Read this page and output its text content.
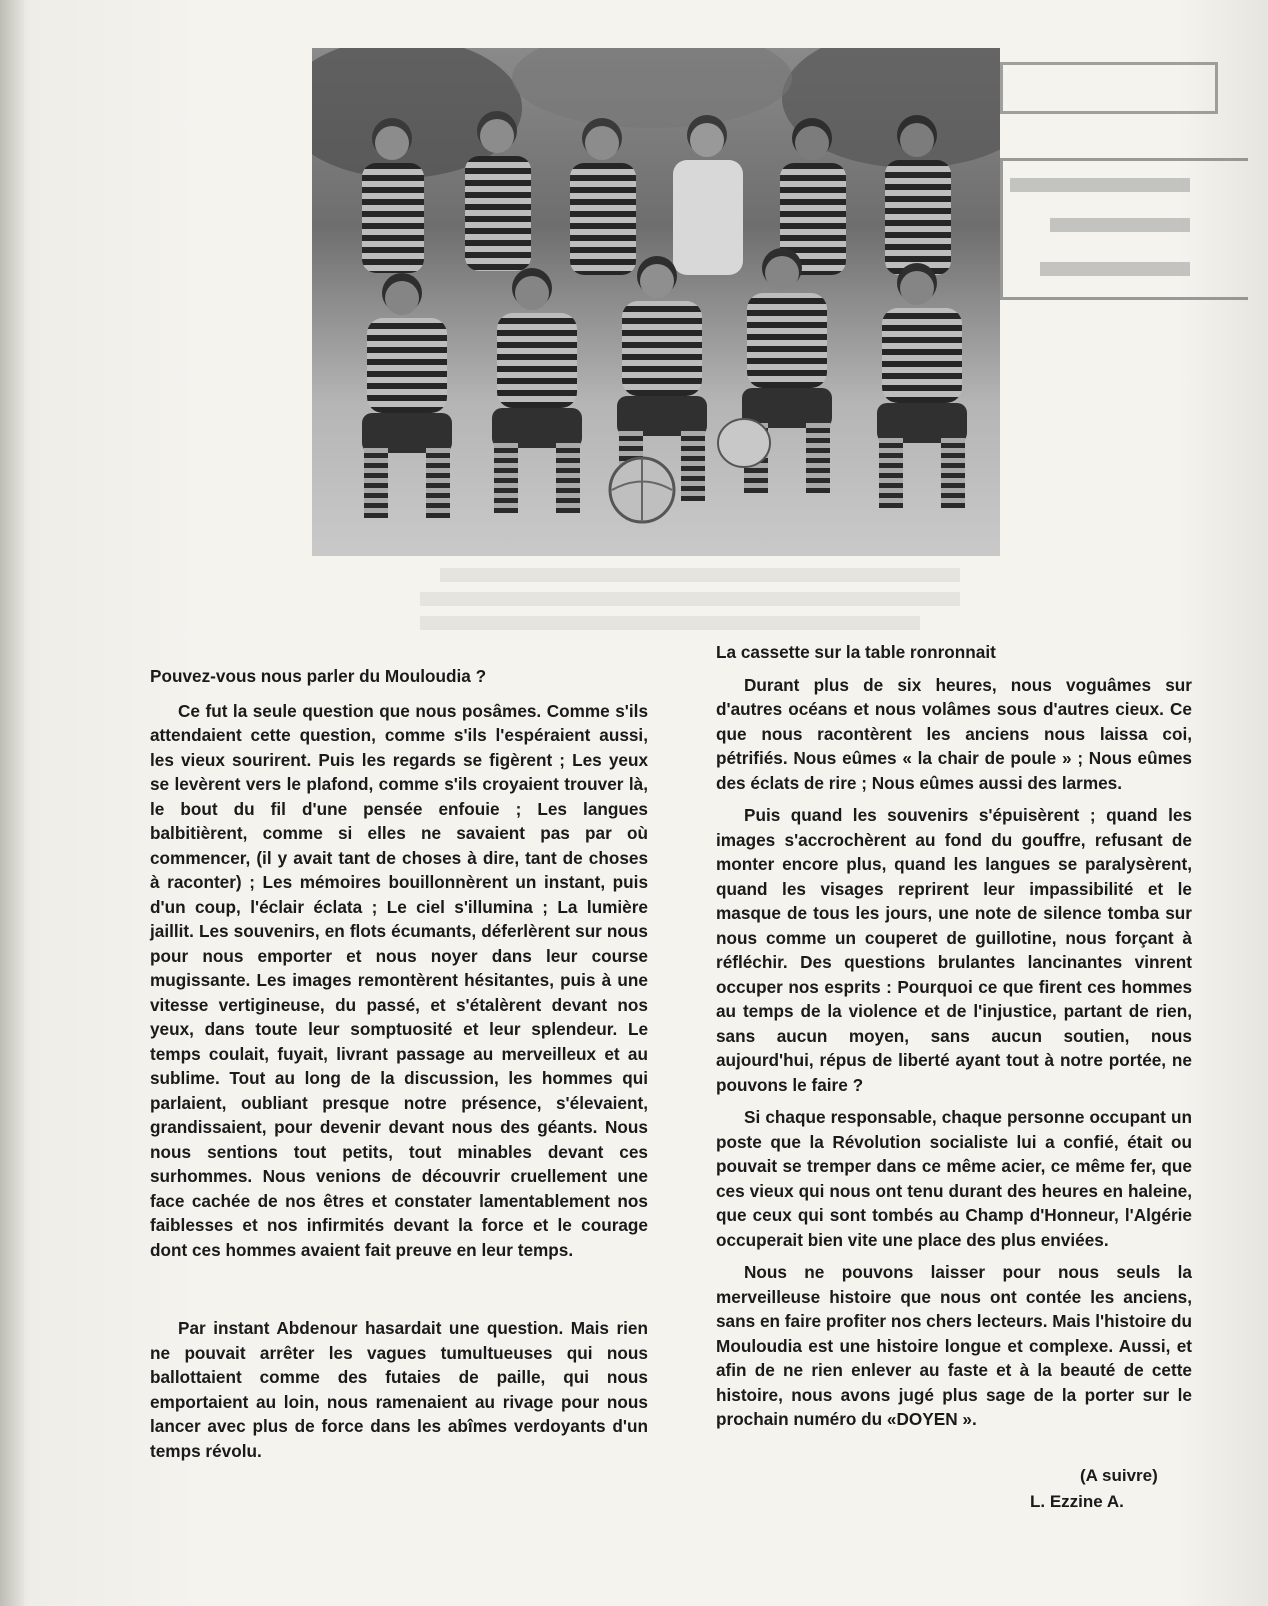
Pouvez-vous nous parler du Mouloudia ?

Ce fut la seule question que nous posâmes. Comme s'ils attendaient cette question, comme s'ils l'espéraient aussi, les vieux sourirent. Puis les regards se figèrent ; Les yeux se levèrent vers le plafond, comme s'ils croyaient trouver là, le bout du fil d'une pensée enfouie ; Les langues balbitièrent, comme si elles ne savaient pas par où commencer, (il y avait tant de choses à dire, tant de choses à raconter) ; Les mémoires bouillonnèrent un instant, puis d'un coup, l'éclair éclata ; Le ciel s'illumina ; La lumière jaillit. Les souvenirs, en flots écumants, déferlèrent sur nous pour nous emporter et nous noyer dans leur course mugissante. Les images remontèrent hésitantes, puis à une vitesse vertigineuse, du passé, et s'étalèrent devant nos yeux, dans toute leur somptuosité et leur splendeur. Le temps coulait, fuyait, livrant passage au merveilleux et au sublime. Tout au long de la discussion, les hommes qui parlaient, oubliant presque notre présence, s'élevaient, grandissaient, pour devenir devant nous des géants. Nous nous sentions tout petits, tout minables devant ces surhommes. Nous venions de découvrir cruellement une face cachée de nos êtres et constater lamentablement nos faiblesses et nos infirmités devant la force et le courage dont ces hommes avaient fait preuve en leur temps.

Par instant Abdenour hasardait une question. Mais rien ne pouvait arrêter les vagues tumultueuses qui nous ballottaient comme des futaies de paille, qui nous emportaient au loin, nous ramenaient au rivage pour nous lancer avec plus de force dans les abîmes verdoyants d'un temps révolu.

La cassette sur la table ronronnait

Durant plus de six heures, nous voguâmes sur d'autres océans et nous volâmes sous d'autres cieux. Ce que nous racontèrent les anciens nous laissa coi, pétrifiés. Nous eûmes « la chair de poule » ; Nous eûmes des éclats de rire ; Nous eûmes aussi des larmes.

Puis quand les souvenirs s'épuisèrent ; quand les images s'accrochèrent au fond du gouffre, refusant de monter encore plus, quand les langues se paralysèrent, quand les visages reprirent leur impassibilité et le masque de tous les jours, une note de silence tomba sur nous comme un couperet de guillotine, nous forçant à réfléchir. Des questions brulantes lancinantes vinrent occuper nos esprits : Pourquoi ce que firent ces hommes au temps de la violence et de l'injustice, partant de rien, sans aucun moyen, sans aucun soutien, nous aujourd'hui, répus de liberté ayant tout à notre portée, ne pouvons le faire ?

Si chaque responsable, chaque personne occupant un poste que la Révolution socialiste lui a confié, était ou pouvait se tremper dans ce même acier, ce même fer, que ces vieux qui nous ont tenu durant des heures en haleine, que ceux qui sont tombés au Champ d'Honneur, l'Algérie occuperait bien vite une place des plus enviées.

Nous ne pouvons laisser pour nous seuls la merveilleuse histoire que nous ont contée les anciens, sans en faire profiter nos chers lecteurs. Mais l'histoire du Mouloudia est une histoire longue et complexe. Aussi, et afin de ne rien enlever au faste et à la beauté de cette histoire, nous avons jugé plus sage de la porter sur le prochain numéro du «DOYEN ».

(A suivre)
L. Ezzine A.
